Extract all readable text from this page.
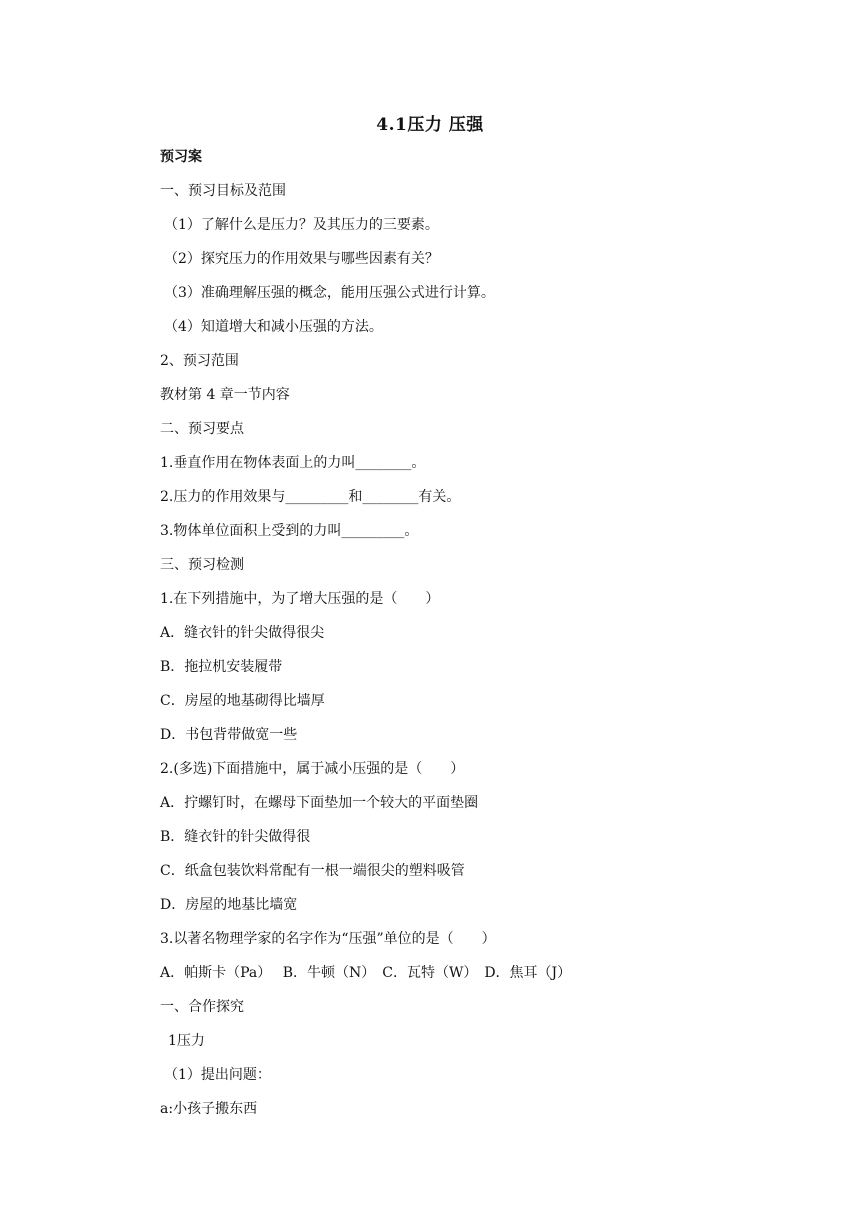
4.1压力 压强
预习案
一、预习目标及范围
（1）了解什么是压力？及其压力的三要素。
（2）探究压力的作用效果与哪些因素有关？
（3）准确理解压强的概念，能用压强公式进行计算。
（4）知道增大和减小压强的方法。
2、预习范围
教材第 4 章一节内容
二、预习要点
1.垂直作用在物体表面上的力叫________。
2.压力的作用效果与_________和________有关。
3.物体单位面积上受到的力叫_________。
三、预习检测
1.在下列措施中，为了增大压强的是（　　）
A．缝衣针的针尖做得很尖
B．拖拉机安装履带
C．房屋的地基砌得比墙厚
D．书包背带做宽一些
2.(多选)下面措施中，属于减小压强的是（　　）
A．拧螺钉时，在螺母下面垫加一个较大的平面垫圈
B．缝衣针的针尖做得很
C．纸盒包装饮料常配有一根一端很尖的塑料吸管
D．房屋的地基比墙宽
3.以著名物理学家的名字作为“压强”单位的是（　　）
A．帕斯卡（Pa）　 B．牛顿（N）　C．瓦特（W）　D．焦耳（J）
一、合作探究
1压力
（1）提出问题：
a:小孩子搬东西
